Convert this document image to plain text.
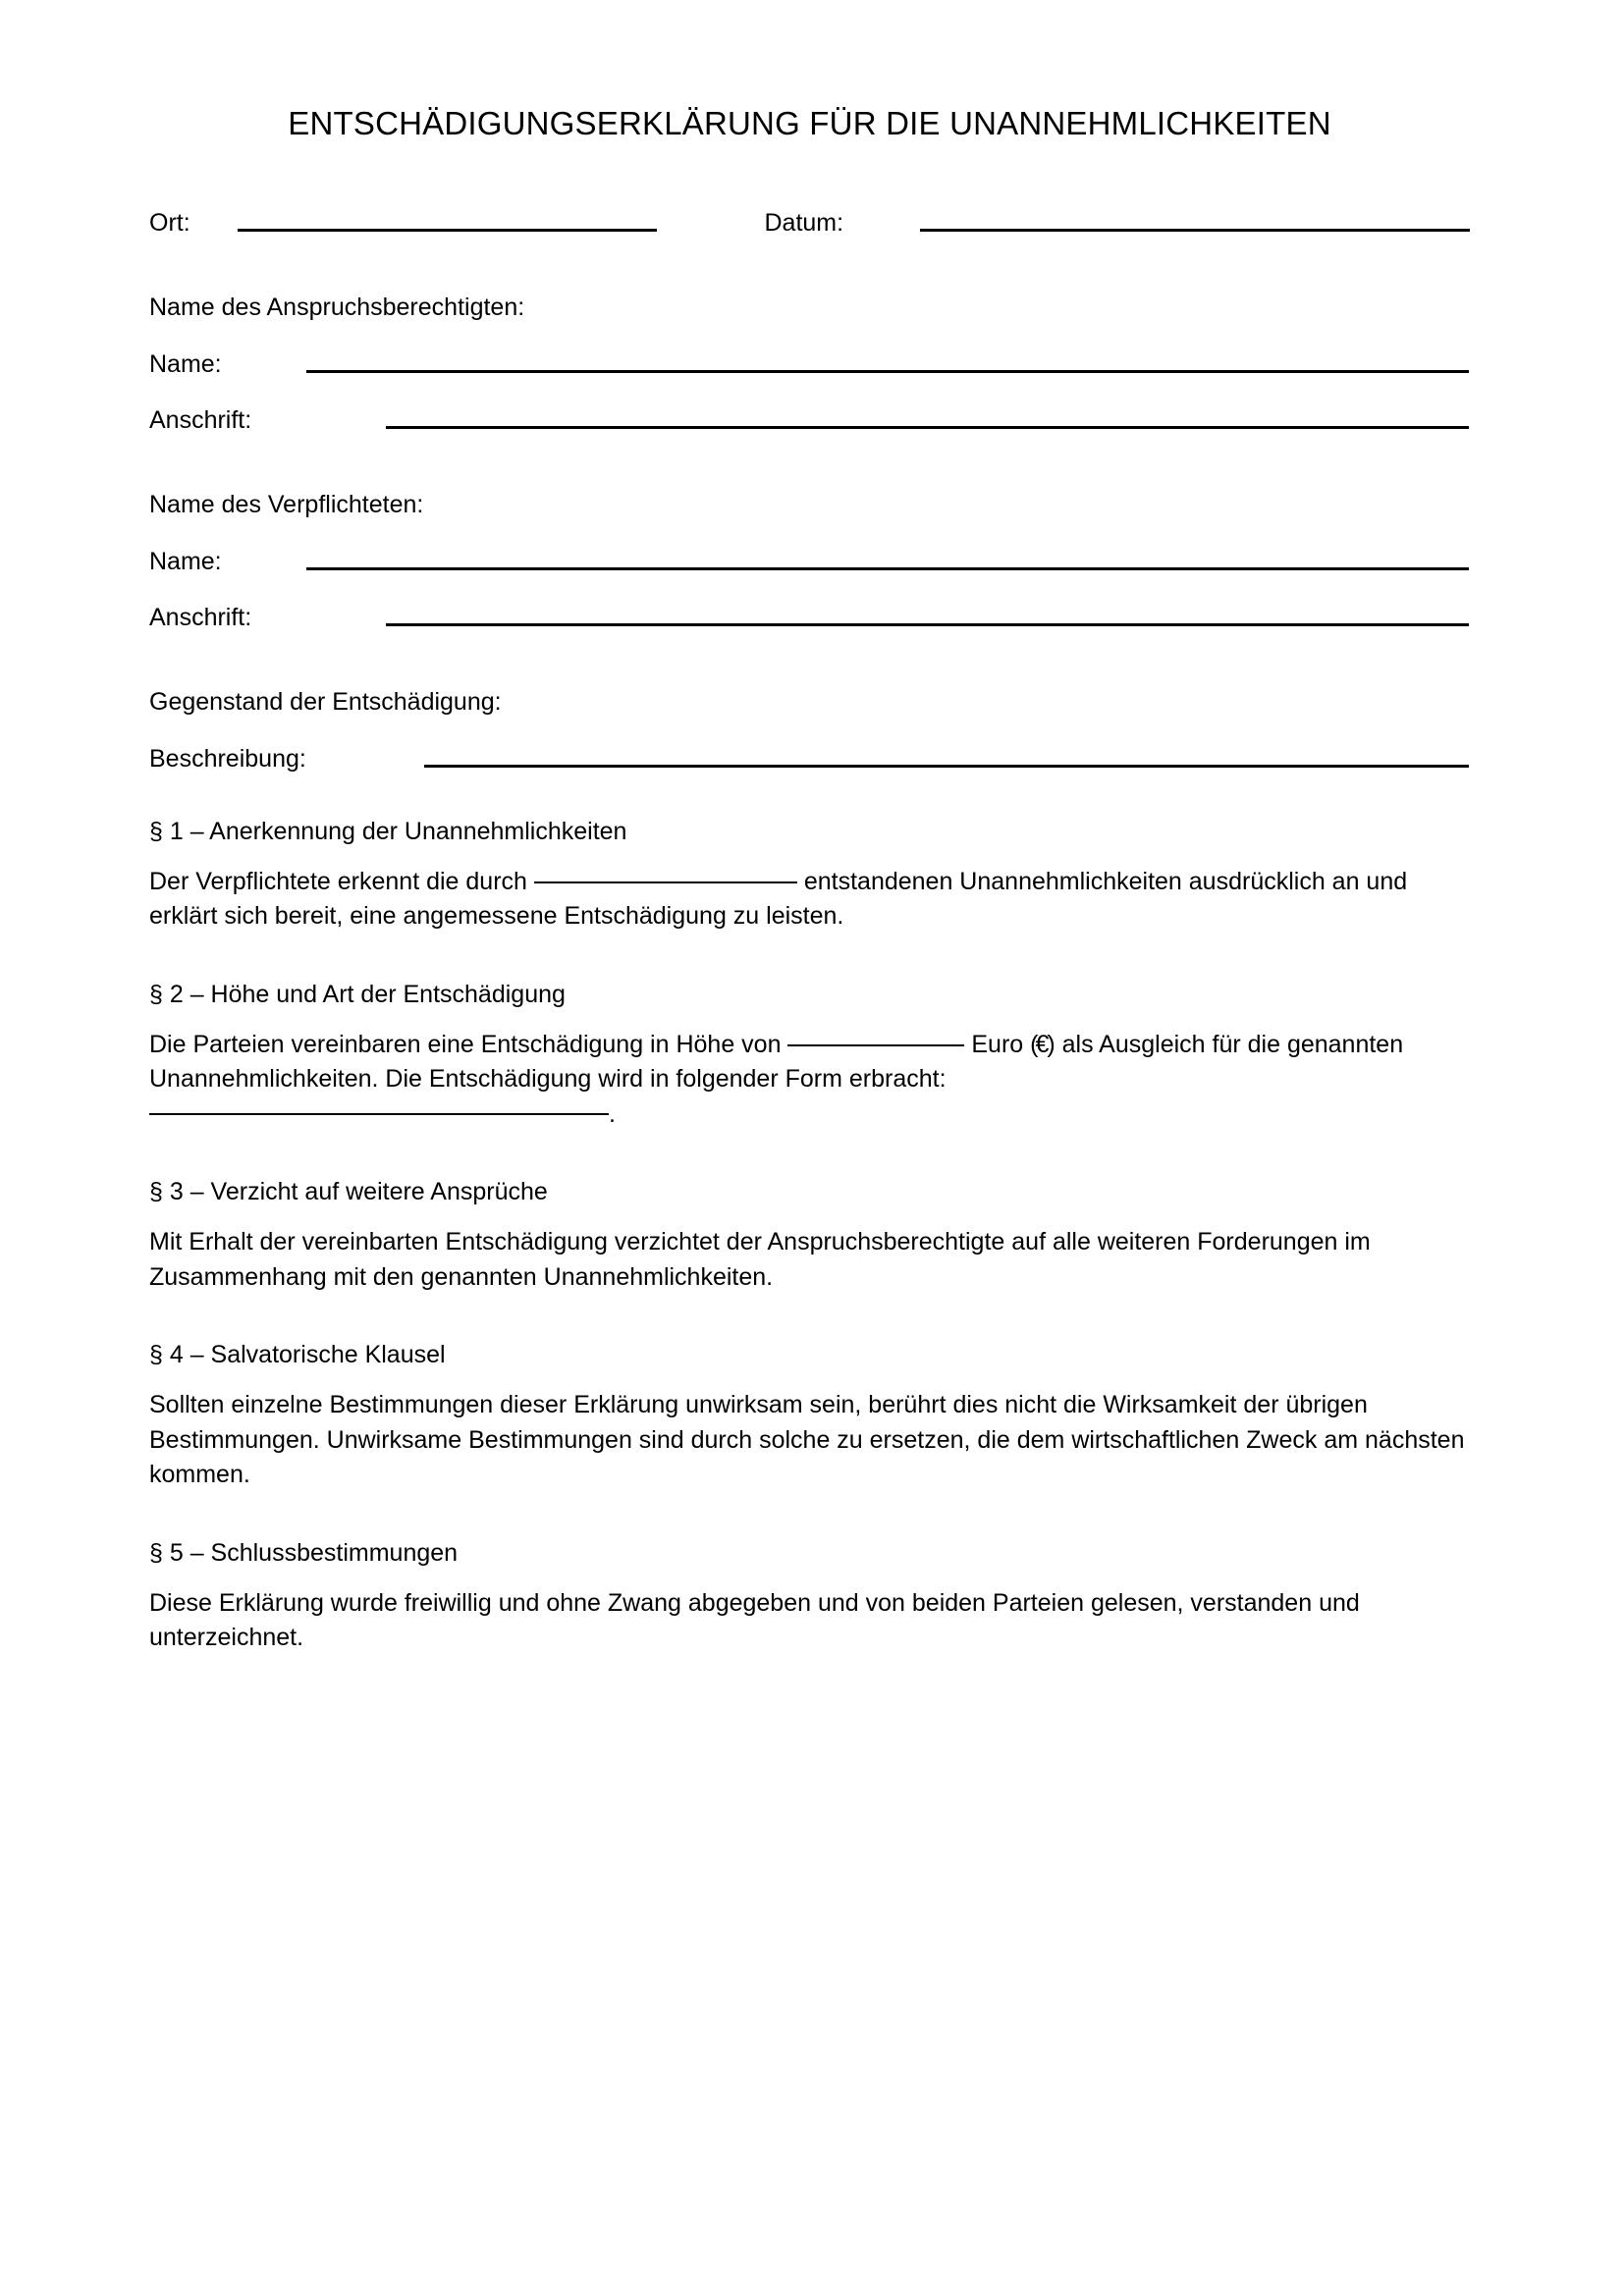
ENTSCHÄDIGUNGSERKLÄRUNG FÜR DIE UNANNEHMLICHKEITEN
Ort:	Datum:
Name des Anspruchsberechtigten:
Name:
Anschrift:
Name des Verpflichteten:
Name:
Anschrift:
Gegenstand der Entschädigung:
Beschreibung:
§ 1 – Anerkennung der Unannehmlichkeiten

Der Verpflichtete erkennt die durch	entstandenen Unannehmlichkeiten ausdrücklich an und erklärt sich bereit, eine angemessene Entschädigung zu leisten.

§ 2 – Höhe und Art der Entschädigung

Die Parteien vereinbaren eine Entschädigung in Höhe von	Euro (€) als Ausgleich für die genannten Unannehmlichkeiten. Die Entschädigung wird in folgender Form erbracht:
.

§ 3 – Verzicht auf weitere Ansprüche

Mit Erhalt der vereinbarten Entschädigung verzichtet der Anspruchsberechtigte auf alle weiteren Forderungen im Zusammenhang mit den genannten Unannehmlichkeiten.

§ 4 – Salvatorische Klausel

Sollten einzelne Bestimmungen dieser Erklärung unwirksam sein, berührt dies nicht die Wirksamkeit der übrigen Bestimmungen. Unwirksame Bestimmungen sind durch solche zu ersetzen, die dem wirtschaftlichen Zweck am nächsten kommen.

§ 5 – Schlussbestimmungen

Diese Erklärung wurde freiwillig und ohne Zwang abgegeben und von beiden Parteien gelesen, verstanden und unterzeichnet.
